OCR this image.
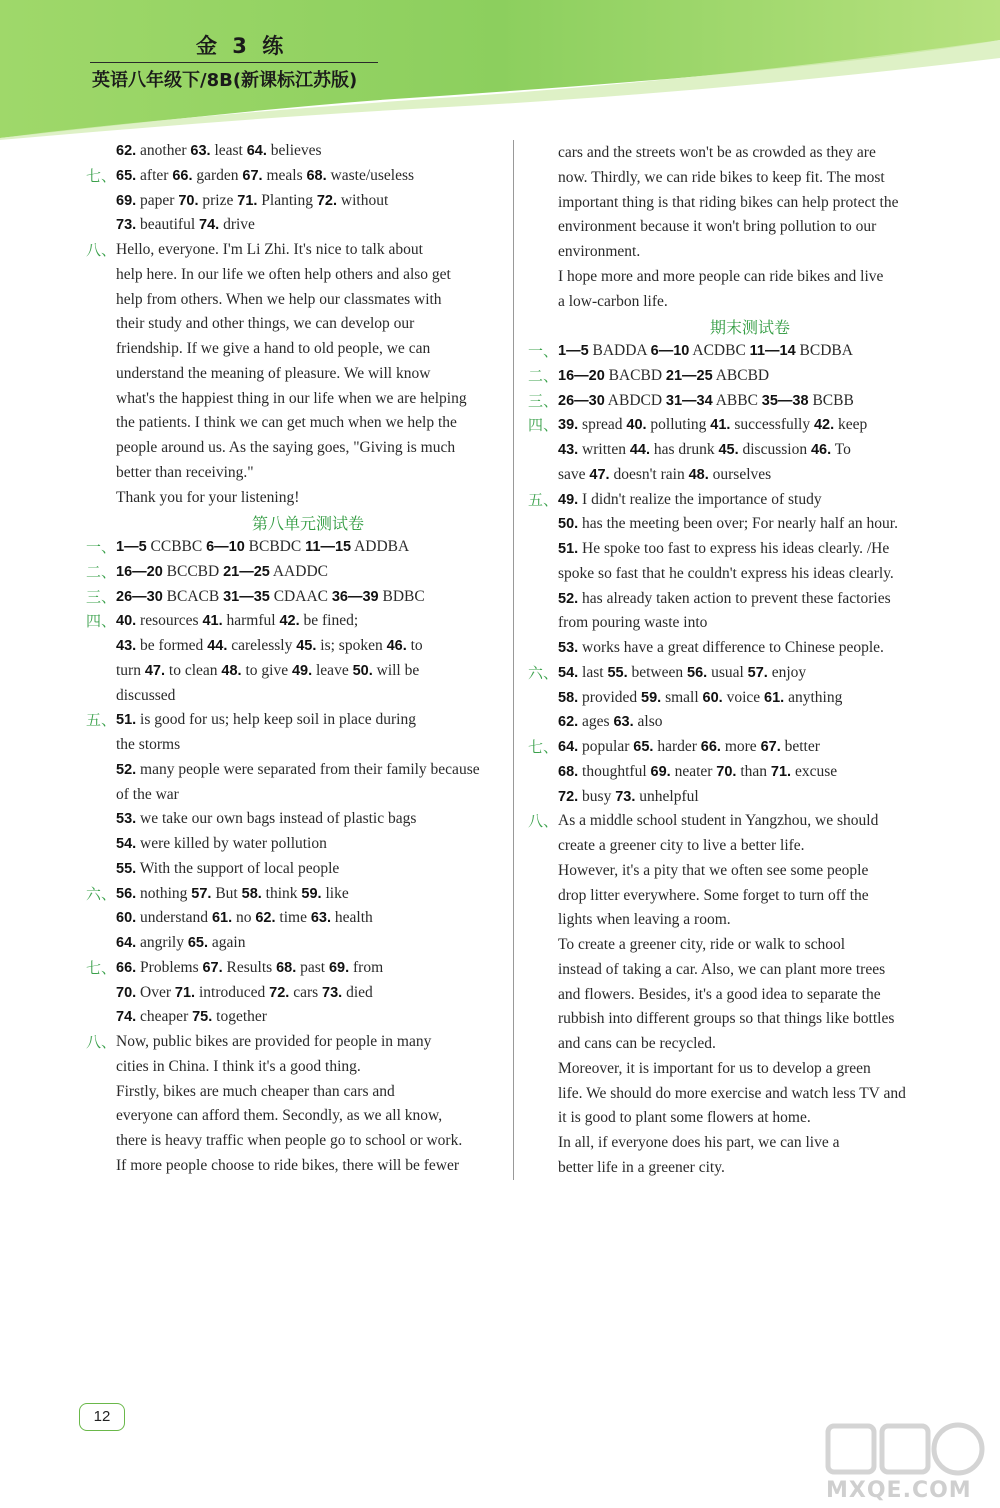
金 3 练
英语八年级下/8B(新课标江苏版)
62. another 63. least 64. believes
七、 65. after 66. garden 67. meals 68. waste/useless
69. paper 70. prize 71. Planting 72. without
73. beautiful 74. drive
八、 Hello, everyone. I'm Li Zhi. It's nice to talk about
help here. In our life we often help others and also get
help from others. When we help our classmates with
their study and other things, we can develop our
friendship. If we give a hand to old people, we can
understand the meaning of pleasure. We will know
what's the happiest thing in our life when we are helping
the patients. I think we can get much when we help the
people around us. As the saying goes, "Giving is much
better than receiving."
Thank you for your listening!
第八单元测试卷
一、 1—5 CCBBC 6—10 BCBDC 11—15 ADDBA
二、 16—20 BCCBD 21—25 AADDC
三、 26—30 BCACB 31—35 CDAAC 36—39 BDBC
四、 40. resources 41. harmful 42. be fined;
43. be formed 44. carelessly 45. is; spoken 46. to
turn 47. to clean 48. to give 49. leave 50. will be
discussed
五、 51. is good for us; help keep soil in place during
the storms
52. many people were separated from their family because
of the war
53. we take our own bags instead of plastic bags
54. were killed by water pollution
55. With the support of local people
六、 56. nothing 57. But 58. think 59. like
60. understand 61. no 62. time 63. health
64. angrily 65. again
七、 66. Problems 67. Results 68. past 69. from
70. Over 71. introduced 72. cars 73. died
74. cheaper 75. together
八、 Now, public bikes are provided for people in many
cities in China. I think it's a good thing.
Firstly, bikes are much cheaper than cars and
everyone can afford them. Secondly, as we all know,
there is heavy traffic when people go to school or work.
If more people choose to ride bikes, there will be fewer
cars and the streets won't be as crowded as they are
now. Thirdly, we can ride bikes to keep fit. The most
important thing is that riding bikes can help protect the
environment because it won't bring pollution to our
environment.
I hope more and more people can ride bikes and live
a low-carbon life.
期末测试卷
一、 1—5 BADDA 6—10 ACDBC 11—14 BCDBA
二、 16—20 BACBD 21—25 ABCBD
三、 26—30 ABDCD 31—34 ABBC 35—38 BCBB
四、 39. spread 40. polluting 41. successfully 42. keep
43. written 44. has drunk 45. discussion 46. To
save 47. doesn't rain 48. ourselves
五、 49. I didn't realize the importance of study
50. has the meeting been over; For nearly half an hour.
51. He spoke too fast to express his ideas clearly. /He
spoke so fast that he couldn't express his ideas clearly.
52. has already taken action to prevent these factories
from pouring waste into
53. works have a great difference to Chinese people.
六、 54. last 55. between 56. usual 57. enjoy
58. provided 59. small 60. voice 61. anything
62. ages 63. also
七、 64. popular 65. harder 66. more 67. better
68. thoughtful 69. neater 70. than 71. excuse
72. busy 73. unhelpful
八、 As a middle school student in Yangzhou, we should
create a greener city to live a better life.
However, it's a pity that we often see some people
drop litter everywhere. Some forget to turn off the
lights when leaving a room.
To create a greener city, ride or walk to school
instead of taking a car. Also, we can plant more trees
and flowers. Besides, it's a good idea to separate the
rubbish into different groups so that things like bottles
and cans can be recycled.
Moreover, it is important for us to develop a green
life. We should do more exercise and watch less TV and
it is good to plant some flowers at home.
In all, if everyone does his part, we can live a
better life in a greener city.
12
MXQE.COM
